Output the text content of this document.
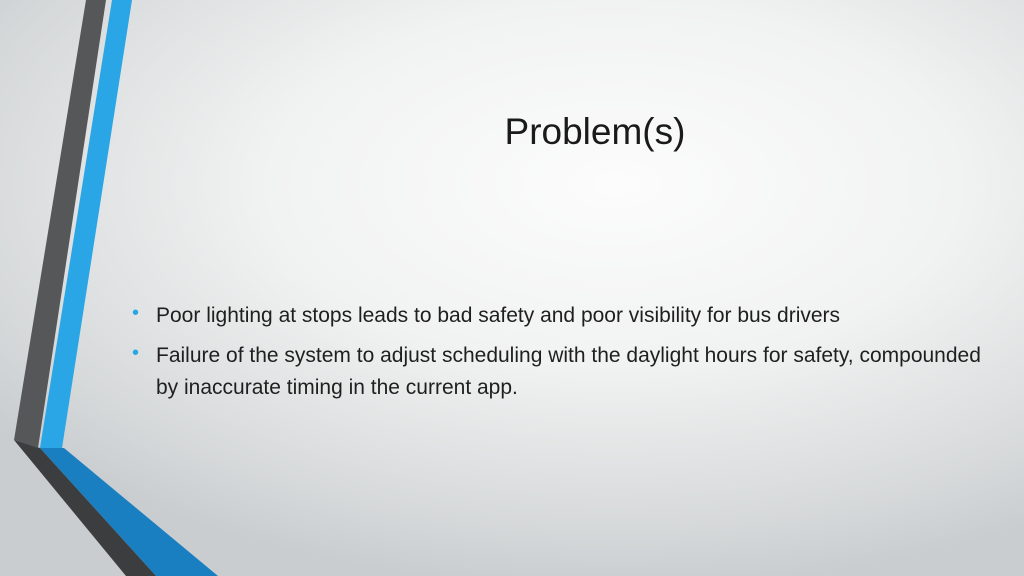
Problem(s)
• Poor lighting at stops leads to bad safety and poor visibility for bus drivers
• Failure of the system to adjust scheduling with the daylight hours for safety, compounded by inaccurate timing in the current app.
